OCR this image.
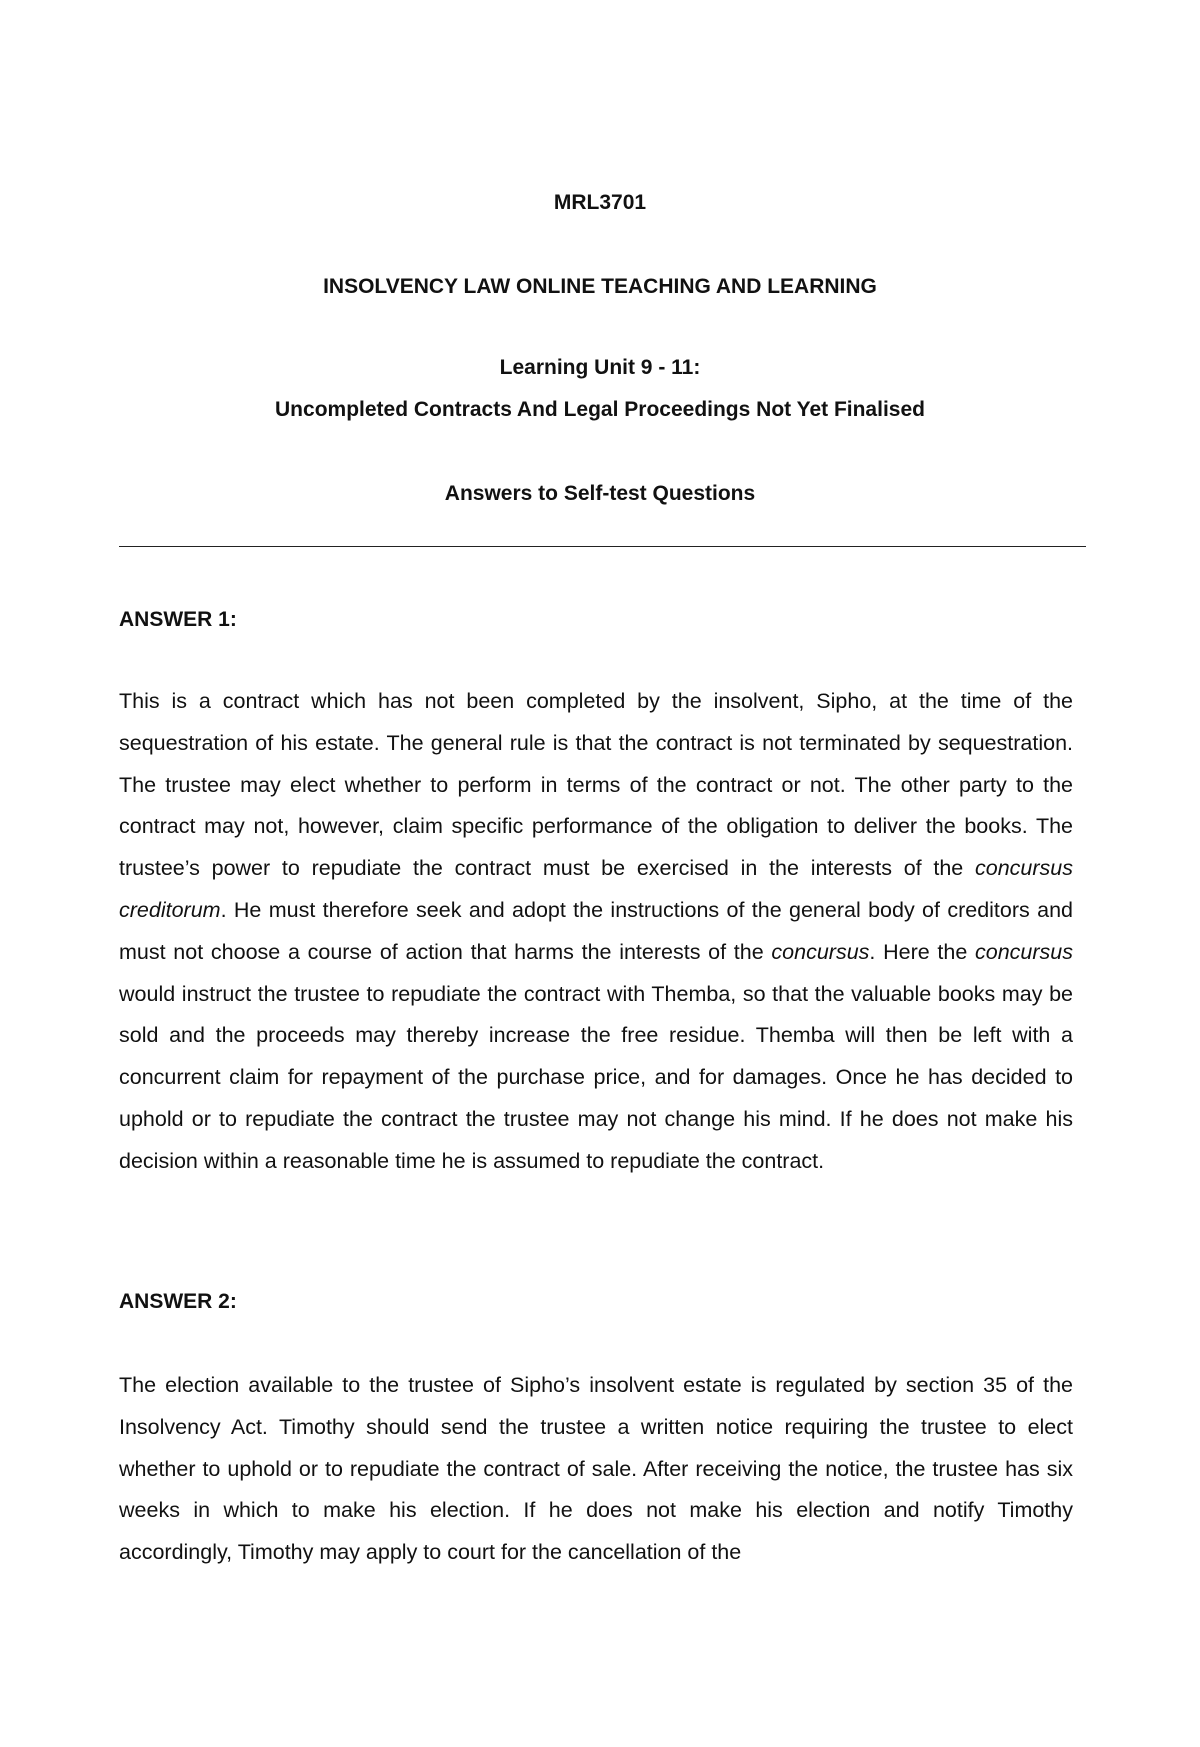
MRL3701
INSOLVENCY LAW ONLINE TEACHING AND LEARNING
Learning Unit 9 - 11:
Uncompleted Contracts And Legal Proceedings Not Yet Finalised
Answers to Self-test Questions
ANSWER 1:
This is a contract which has not been completed by the insolvent, Sipho, at the time of the sequestration of his estate. The general rule is that the contract is not terminated by sequestration. The trustee may elect whether to perform in terms of the contract or not. The other party to the contract may not, however, claim specific performance of the obligation to deliver the books. The trustee’s power to repudiate the contract must be exercised in the interests of the concursus creditorum. He must therefore seek and adopt the instructions of the general body of creditors and must not choose a course of action that harms the interests of the concursus. Here the concursus would instruct the trustee to repudiate the contract with Themba, so that the valuable books may be sold and the proceeds may thereby increase the free residue. Themba will then be left with a concurrent claim for repayment of the purchase price, and for damages. Once he has decided to uphold or to repudiate the contract the trustee may not change his mind. If he does not make his decision within a reasonable time he is assumed to repudiate the contract.
ANSWER 2:
The election available to the trustee of Sipho’s insolvent estate is regulated by section 35 of the Insolvency Act. Timothy should send the trustee a written notice requiring the trustee to elect whether to uphold or to repudiate the contract of sale. After receiving the notice, the trustee has six weeks in which to make his election. If he does not make his election and notify Timothy accordingly, Timothy may apply to court for the cancellation of the
